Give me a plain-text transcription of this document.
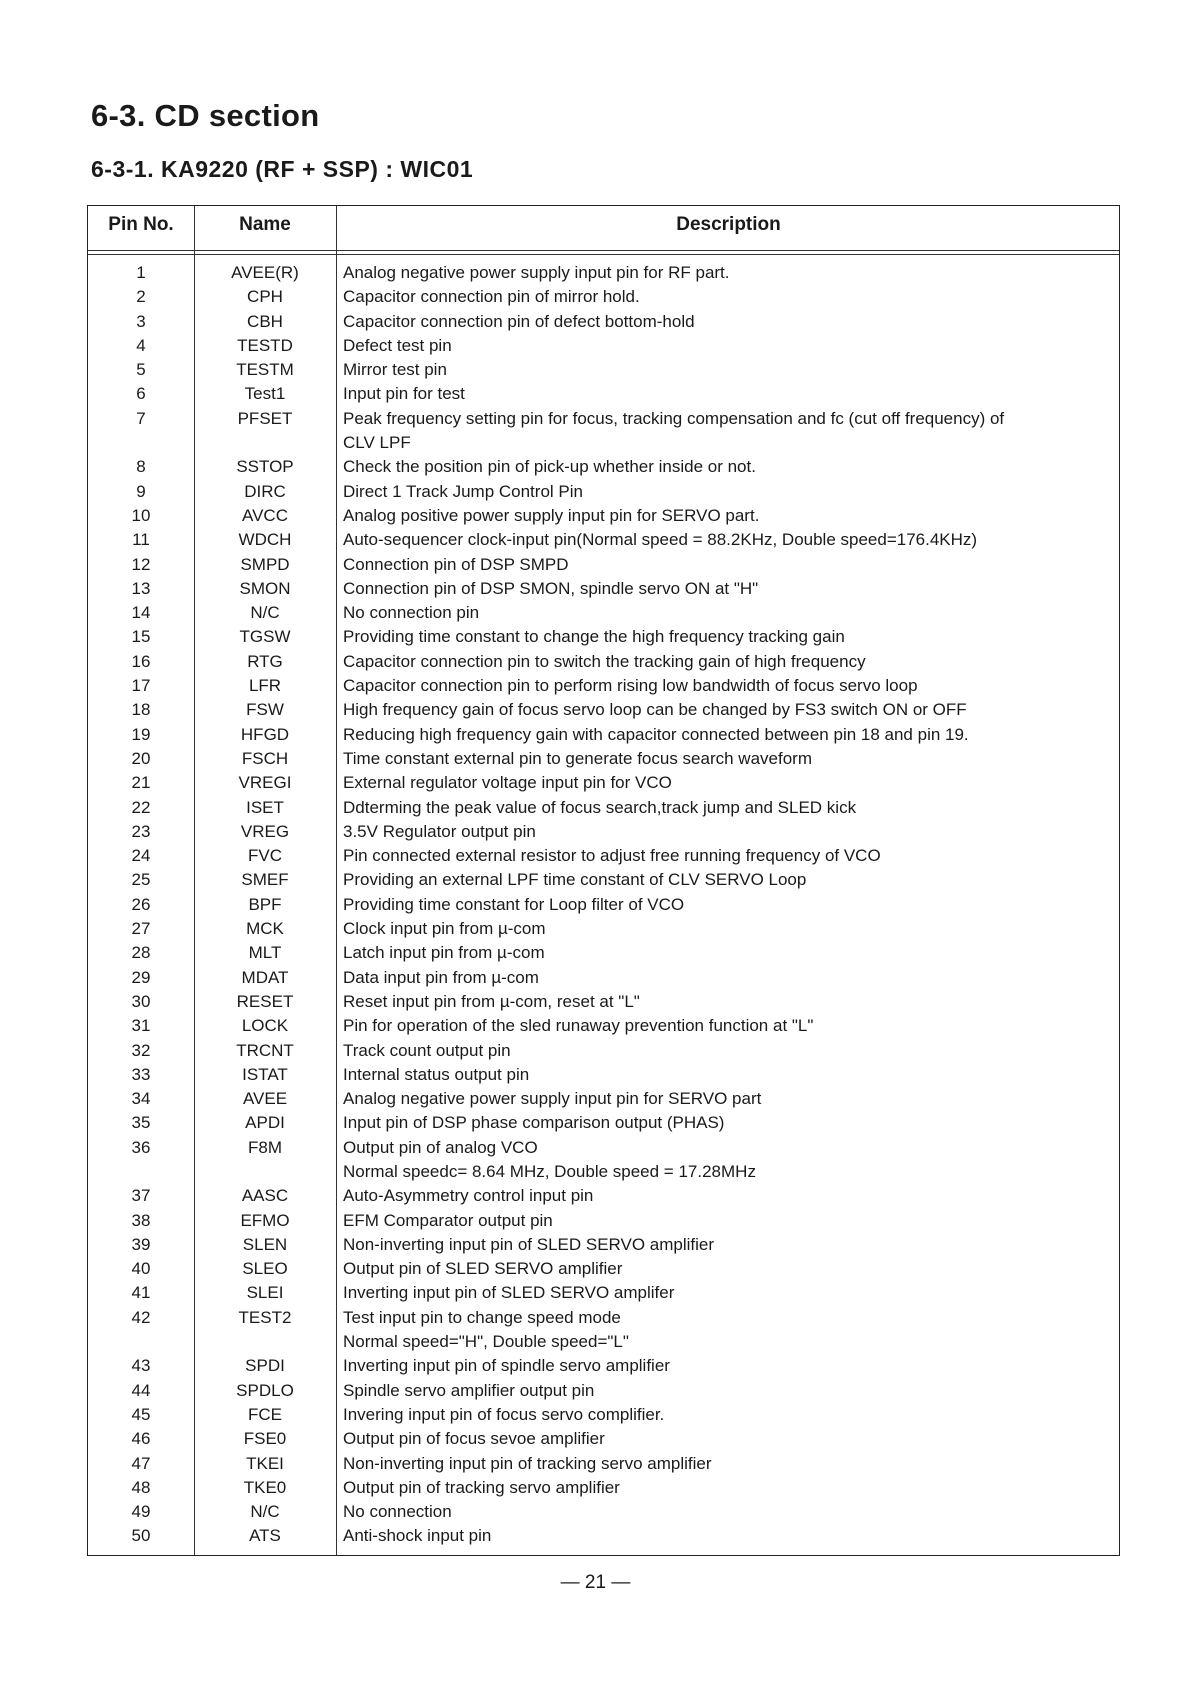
6-3. CD section
6-3-1. KA9220 (RF + SSP) : WIC01
Pin No.	Name	Description
1	AVEE(R)	Analog negative power supply input pin for RF part.
2	CPH	Capacitor connection pin of mirror hold.
3	CBH	Capacitor connection pin of defect bottom-hold
4	TESTD	Defect test pin
5	TESTM	Mirror test pin
6	Test1	Input pin for test
7	PFSET	Peak frequency setting pin for focus, tracking compensation and fc (cut off frequency) of
CLV LPF
8	SSTOP	Check the position pin of pick-up whether inside or not.
9	DIRC	Direct 1 Track Jump Control Pin
10	AVCC	Analog positive power supply input pin for SERVO part.
11	WDCH	Auto-sequencer clock-input pin(Normal speed = 88.2KHz, Double speed=176.4KHz)
12	SMPD	Connection pin of DSP SMPD
13	SMON	Connection pin of DSP SMON, spindle servo ON at "H"
14	N/C	No connection pin
15	TGSW	Providing time constant to change the high frequency tracking gain
16	RTG	Capacitor connection pin to switch the tracking gain of high frequency
17	LFR	Capacitor connection pin to perform rising low bandwidth of focus servo loop
18	FSW	High frequency gain of focus servo loop can be changed by FS3 switch ON or OFF
19	HFGD	Reducing high frequency gain with capacitor connected between pin 18 and pin 19.
20	FSCH	Time constant external pin to generate focus search waveform
21	VREGI	External regulator voltage input pin for VCO
22	ISET	Ddterming the peak value of focus search,track jump and SLED kick
23	VREG	3.5V Regulator output pin
24	FVC	Pin connected external resistor to adjust free running frequency of VCO
25	SMEF	Providing an external LPF time constant of CLV SERVO Loop
26	BPF	Providing time constant for Loop filter of VCO
27	MCK	Clock input pin from µ-com
28	MLT	Latch input pin from µ-com
29	MDAT	Data input pin from µ-com
30	RESET	Reset input pin from µ-com, reset at "L"
31	LOCK	Pin for operation of the sled runaway prevention function at "L"
32	TRCNT	Track count output pin
33	ISTAT	Internal status output pin
34	AVEE	Analog negative power supply input pin for SERVO part
35	APDI	Input pin of DSP phase comparison output (PHAS)
36	F8M	Output pin of analog VCO
Normal speedc= 8.64 MHz, Double speed = 17.28MHz
37	AASC	Auto-Asymmetry control input pin
38	EFMO	EFM Comparator output pin
39	SLEN	Non-inverting input pin of SLED SERVO amplifier
40	SLEO	Output pin of SLED SERVO amplifier
41	SLEI	Inverting input pin of SLED SERVO amplifer
42	TEST2	Test input pin to change speed mode
Normal speed="H", Double speed="L"
43	SPDI	Inverting input pin of spindle servo amplifier
44	SPDLO	Spindle servo amplifier output pin
45	FCE	Invering input pin of focus servo complifier.
46	FSE0	Output pin of focus sevoe amplifier
47	TKEI	Non-inverting input pin of tracking servo amplifier
48	TKE0	Output pin of tracking servo amplifier
49	N/C	No connection
50	ATS	Anti-shock input pin
— 21 —
